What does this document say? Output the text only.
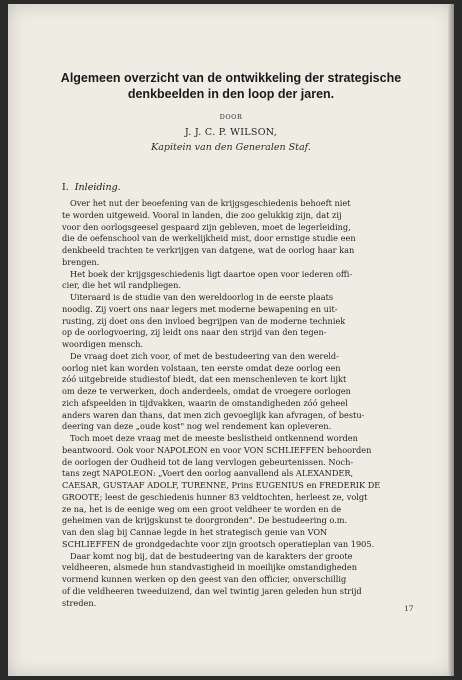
Algemeen overzicht van de ontwikkeling der strategische
denkbeelden in den loop der jaren.
DOOR
J. J. C. P. WILSON,
Kapitein van den Generalen Staf.
I. Inleiding.
Over het nut der beoefening van de krijgsgeschiedenis behoeft niet
te worden uitgeweid. Vooral in landen, die zoo gelukkig zijn, dat zij
voor den oorlogsgeesel gespaard zijn gebleven, moet de legerleiding,
die de oefenschool van de werkelijkheid mist, door ernstige studie een
denkbeeld trachten te verkrijgen van datgene, wat de oorlog haar kan
brengen.
Het boek der krijgsgeschiedenis ligt daartoe open voor iederen offi-
cier, die het wil randpliegen.
Uiteraard is de studie van den wereldoorlog in de eerste plaats
noodig. Zij voert ons naar legers met moderne bewapening en uit-
rusting, zij doet ons den invloed begrijpen van de moderne techniek
op de oorlogvoering, zij leidt ons naar den strijd van den tegen-
woordigen mensch.
De vraag doet zich voor, of met de bestudeering van den wereld-
oorlog niet kan worden volstaan, ten eerste omdat deze oorlog een
zóó uitgebreide studiestof biedt, dat een menschenleven te kort lijkt
om deze te verwerken, doch anderdeels, omdat de vroegere oorlogen
zich afspeelden in tijdvakken, waarin de omstandigheden zóó geheel
anders waren dan thans, dat men zich gevoeglijk kan afvragen, of bestu-
deering van deze „oude kost" nog wel rendement kan opleveren.
Toch moet deze vraag met de meeste beslistheid ontkennend worden
beantwoord. Ook voor NAPOLEON en voor VON SCHLIEFFEN behoorden
de oorlogen der Oudheid tot de lang vervlogen gebeurtenissen. Noch-
tans zegt NAPOLEON: „Voert den oorlog aanvallend als ALEXANDER,
CAESAR, GUSTAAF ADOLF, TURENNE, Prins EUGENIUS en FREDERIK DE
GROOTE; leest de geschiedenis hunner 83 veldtochten, herleest ze, volgt
ze na, het is de eenige weg om een groot veldheer te worden en de
geheimen van de krijgskunst te doorgronden". De bestudeering o.m.
van den slag bij Cannae legde in het strategisch genie van VON
SCHLIEFFEN de grondgedachte voor zijn grootsch operatieplan van 1905.
Daar komt nog bij, dat de bestudeering van de karakters der groote
veldheeren, alsmede hun standvastigheid in moeilijke omstandigheden
vormend kunnen werken op den geest van den officier, onverschillig
of die veldheeren tweeduizend, dan wel twintig jaren geleden hun strijd
streden.
17
